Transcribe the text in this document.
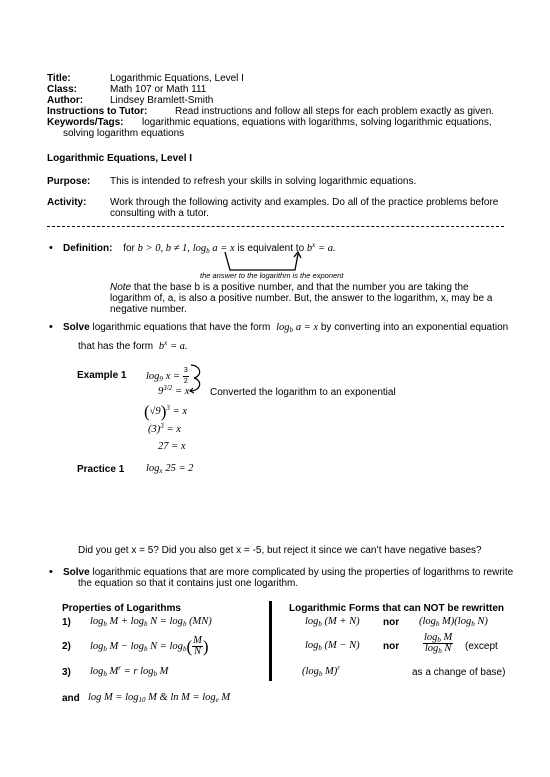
Title:	Logarithmic Equations, Level I
Class:	Math 107 or Math 111
Author:	Lindsey Bramlett-Smith
Instructions to Tutor:	Read instructions and follow all steps for each problem exactly as given.
Keywords/Tags: logarithmic equations, equations with logarithms, solving logarithmic equations,
solving logarithm equations
Logarithmic Equations, Level I
Purpose: This is intended to refresh your skills in solving logarithmic equations.
Activity: Work through the following activity and examples. Do all of the practice problems before
consulting with a tutor.
• Definition: for b > 0, b ≠ 1, $\log_b a = x$ is equivalent to $b^x = a$.
the answer to the logarithm is the exponent
Note that the base b is a positive number, and that the number you are taking the
logarithm of, a, is also a positive number. But, the answer to the logarithm, x, may be a
negative number.
• Solve logarithmic equations that have the form $\log_b a = x$ by converting into an exponential equation
that has the form $b^x = a$.
Example 1 $\log_9 x = \frac{3}{2}$
$9^{3/2} = x$ Converted the logarithm to an exponential
$(√9)^3 = x$
$(3)^3 = x$
27 = x
Practice 1 $\log_x 25 = 2$
Did you get x = 5? Did you also get x = -5, but reject it since we can’t have negative bases?
• Solve logarithmic equations that are more complicated by using the properties of logarithms to rewrite
the equation so that it contains just one logarithm.
Properties of Logarithms	Logarithmic Forms that can NOT be rewritten
1) logb M + logb N = logb (MN)	logb (M + N) nor (logb M)(logb N)
2) logb M − logb $N = \log b( \frac{M}{N}$ )	logb (M − N) nor $\frac{\text{logb M}}{\text{logb N}}$ (except
3) logb $M^r = r$ logb M	(logb M)$^r$	as a change of base)
and log M = log10 M & ln M = loge M
